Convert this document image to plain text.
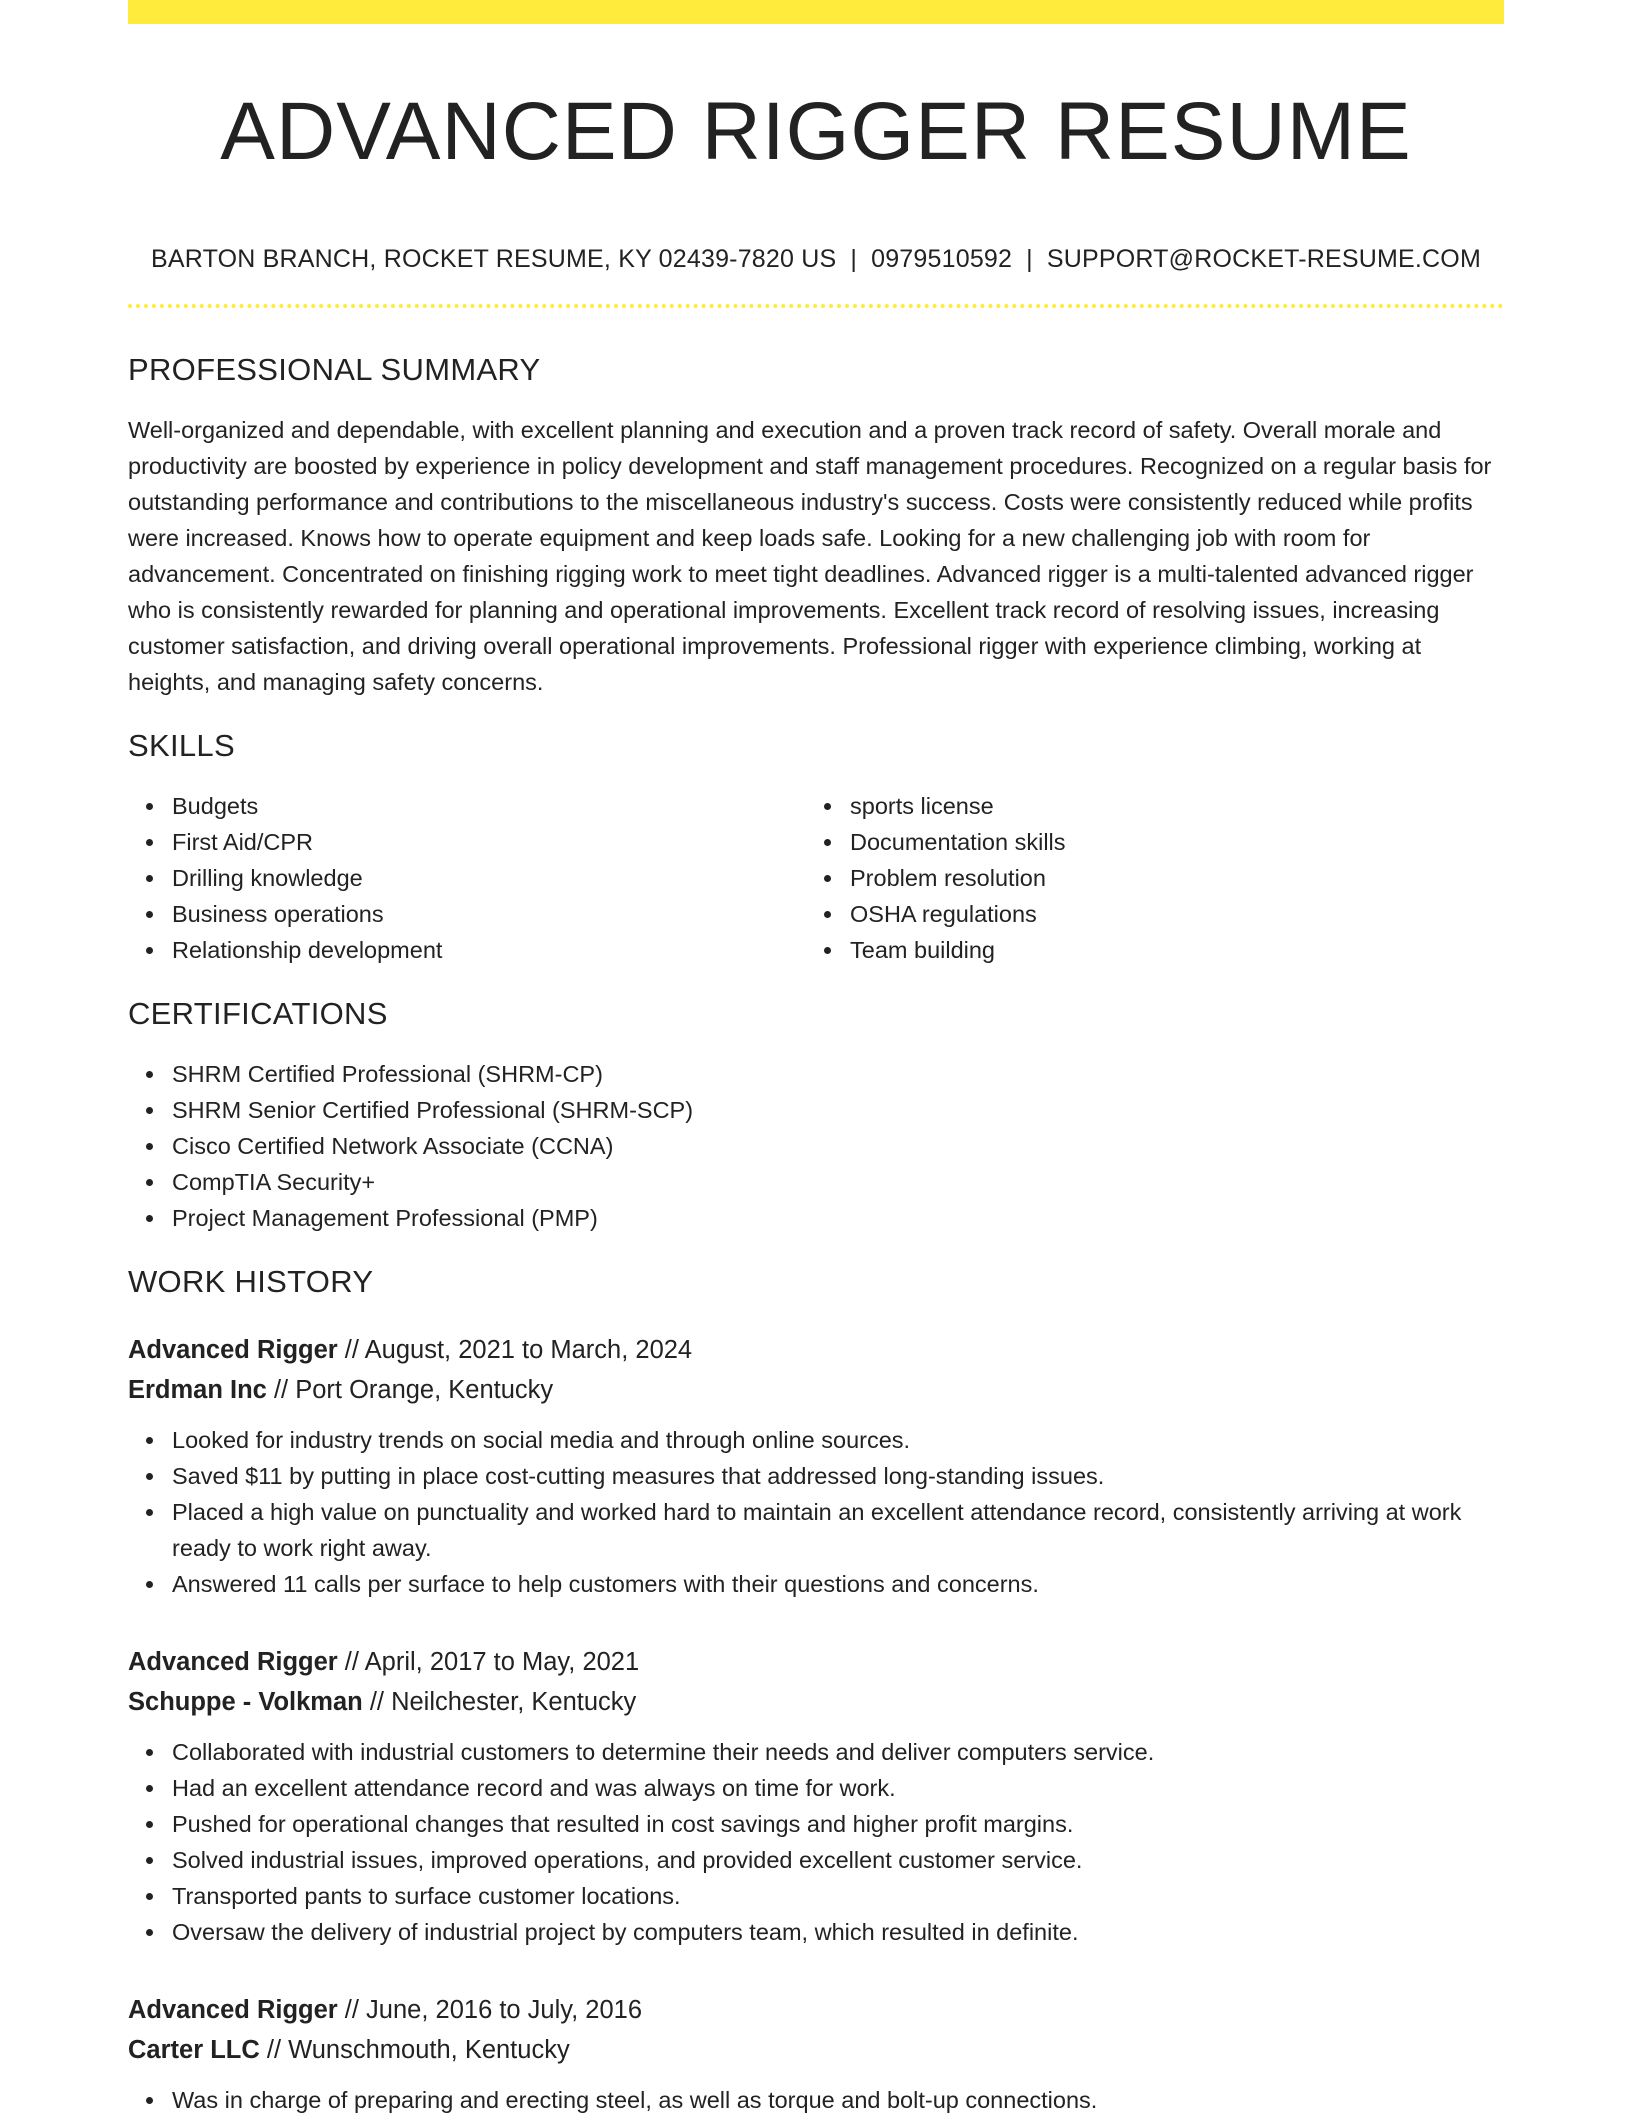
ADVANCED RIGGER RESUME
BARTON BRANCH, ROCKET RESUME, KY 02439-7820 US | 0979510592 | SUPPORT@ROCKET-RESUME.COM
PROFESSIONAL SUMMARY

Well-organized and dependable, with excellent planning and execution and a proven track record of safety. Overall morale and productivity are boosted by experience in policy development and staff management procedures. Recognized on a regular basis for outstanding performance and contributions to the miscellaneous industry's success. Costs were consistently reduced while profits were increased. Knows how to operate equipment and keep loads safe. Looking for a new challenging job with room for advancement. Concentrated on finishing rigging work to meet tight deadlines. Advanced rigger is a multi-talented advanced rigger who is consistently rewarded for planning and operational improvements. Excellent track record of resolving issues, increasing customer satisfaction, and driving overall operational improvements. Professional rigger with experience climbing, working at heights, and managing safety concerns.

SKILLS
Budgets
First Aid/CPR
Drilling knowledge
Business operations
Relationship development
sports license
Documentation skills
Problem resolution
OSHA regulations
Team building
CERTIFICATIONS
SHRM Certified Professional (SHRM-CP)
SHRM Senior Certified Professional (SHRM-SCP)
Cisco Certified Network Associate (CCNA)
CompTIA Security+
Project Management Professional (PMP)
WORK HISTORY
Advanced Rigger // August, 2021 to March, 2024
Erdman Inc // Port Orange, Kentucky
Looked for industry trends on social media and through online sources.
Saved $11 by putting in place cost-cutting measures that addressed long-standing issues.
Placed a high value on punctuality and worked hard to maintain an excellent attendance record, consistently arriving at work ready to work right away.
Answered 11 calls per surface to help customers with their questions and concerns.
Advanced Rigger // April, 2017 to May, 2021
Schuppe - Volkman // Neilchester, Kentucky
Collaborated with industrial customers to determine their needs and deliver computers service.
Had an excellent attendance record and was always on time for work.
Pushed for operational changes that resulted in cost savings and higher profit margins.
Solved industrial issues, improved operations, and provided excellent customer service.
Transported pants to surface customer locations.
Oversaw the delivery of industrial project by computers team, which resulted in definite.
Advanced Rigger // June, 2016 to July, 2016
Carter LLC // Wunschmouth, Kentucky
Was in charge of preparing and erecting steel, as well as torque and bolt-up connections.
